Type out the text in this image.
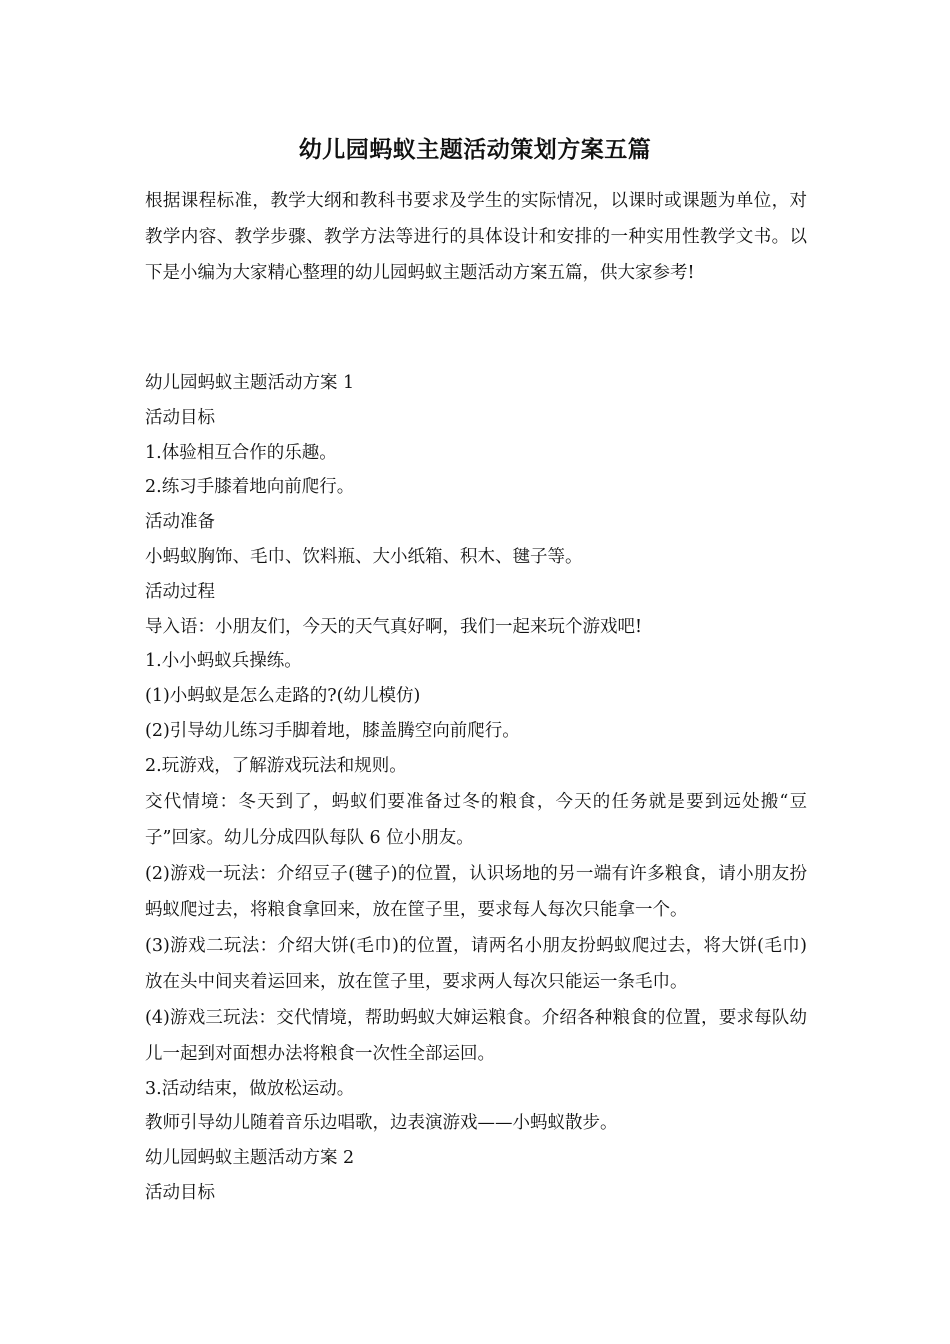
幼儿园蚂蚁主题活动策划方案五篇

根据课程标准，教学大纲和教科书要求及学生的实际情况，以课时或课题为单位，对教学内容、教学步骤、教学方法等进行的具体设计和安排的一种实用性教学文书。以下是小编为大家精心整理的幼儿园蚂蚁主题活动方案五篇，供大家参考!

幼儿园蚂蚁主题活动方案 1

活动目标

1.体验相互合作的乐趣。

2.练习手膝着地向前爬行。

活动准备

小蚂蚁胸饰、毛巾、饮料瓶、大小纸箱、积木、毽子等。

活动过程

导入语：小朋友们，今天的天气真好啊，我们一起来玩个游戏吧!

1.小小蚂蚁兵操练。

(1)小蚂蚁是怎么走路的?(幼儿模仿)

(2)引导幼儿练习手脚着地，膝盖腾空向前爬行。

2.玩游戏，了解游戏玩法和规则。

交代情境：冬天到了，蚂蚁们要准备过冬的粮食，今天的任务就是要到远处搬“豆子”回家。幼儿分成四队每队 6 位小朋友。

(2)游戏一玩法：介绍豆子(毽子)的位置，认识场地的另一端有许多粮食，请小朋友扮蚂蚁爬过去，将粮食拿回来，放在筐子里，要求每人每次只能拿一个。

(3)游戏二玩法：介绍大饼(毛巾)的位置，请两名小朋友扮蚂蚁爬过去，将大饼(毛巾)放在头中间夹着运回来，放在筐子里，要求两人每次只能运一条毛巾。

(4)游戏三玩法：交代情境，帮助蚂蚁大婶运粮食。介绍各种粮食的位置，要求每队幼儿一起到对面想办法将粮食一次性全部运回。

3.活动结束，做放松运动。

教师引导幼儿随着音乐边唱歌，边表演游戏——小蚂蚁散步。

幼儿园蚂蚁主题活动方案 2

活动目标
